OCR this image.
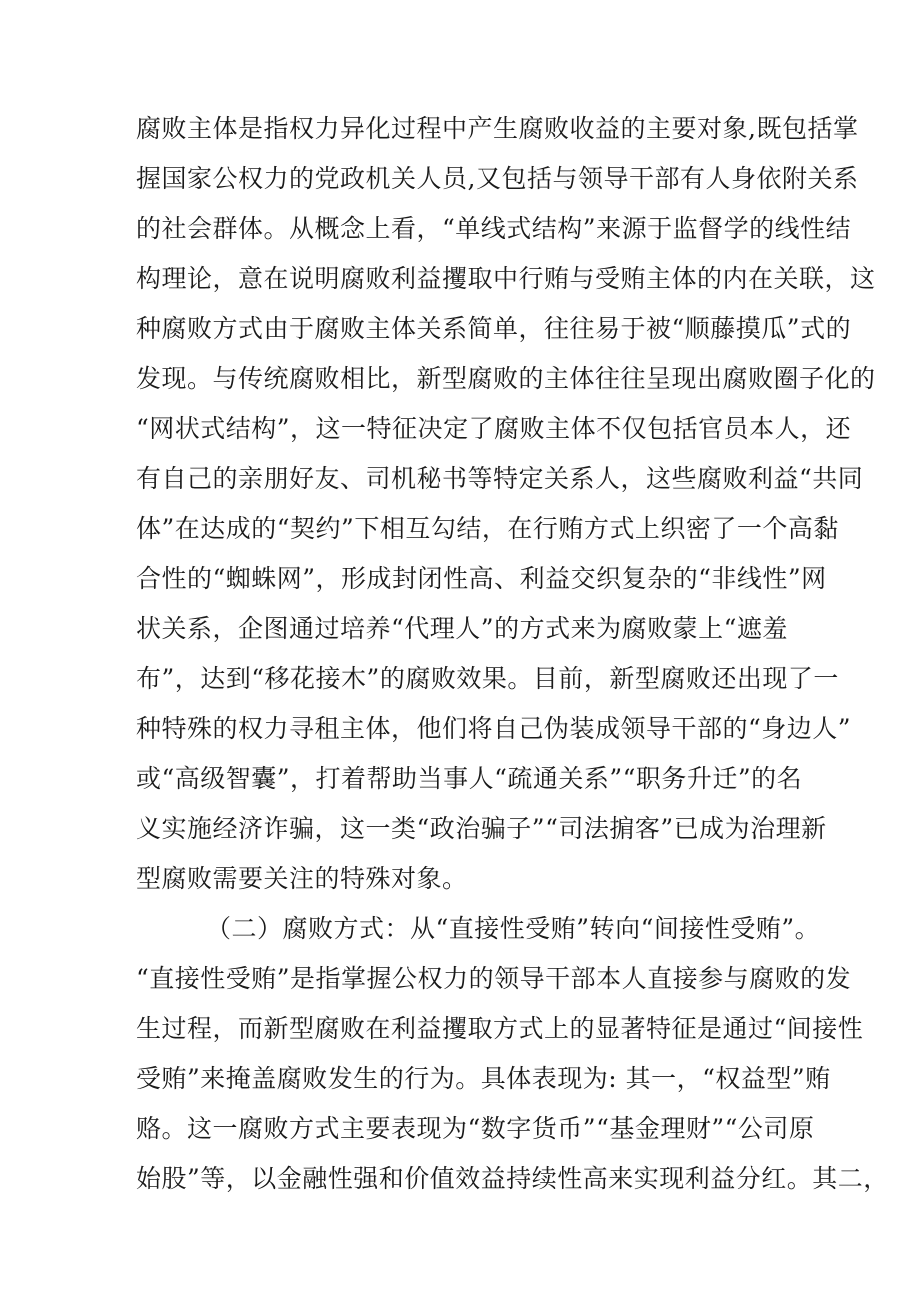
腐败主体是指权力异化过程中产生腐败收益的主要对象,既包括掌
握国家公权力的党政机关人员,又包括与领导干部有人身依附关系
的社会群体。从概念上看，“单线式结构”来源于监督学的线性结
构理论，意在说明腐败利益攫取中行贿与受贿主体的内在关联，这
种腐败方式由于腐败主体关系简单，往往易于被“顺藤摸瓜”式的
发现。与传统腐败相比，新型腐败的主体往往呈现出腐败圈子化的
“网状式结构”，这一特征决定了腐败主体不仅包括官员本人，还
有自己的亲朋好友、司机秘书等特定关系人，这些腐败利益“共同
体”在达成的“契约”下相互勾结，在行贿方式上织密了一个高黏
合性的“蜘蛛网”，形成封闭性高、利益交织复杂的“非线性”网
状关系，企图通过培养“代理人”的方式来为腐败蒙上“遮羞
布”，达到“移花接木”的腐败效果。目前，新型腐败还出现了一
种特殊的权力寻租主体，他们将自己伪装成领导干部的“身边人”
或“高级智囊”，打着帮助当事人“疏通关系”“职务升迁”的名
义实施经济诈骗，这一类“政治骗子”“司法掮客”已成为治理新
型腐败需要关注的特殊对象。
（二）腐败方式：从“直接性受贿”转向“间接性受贿”。
“直接性受贿”是指掌握公权力的领导干部本人直接参与腐败的发
生过程，而新型腐败在利益攫取方式上的显著特征是通过“间接性
受贿”来掩盖腐败发生的行为。具体表现为: 其一，“权益型”贿
赂。这一腐败方式主要表现为“数字货币”“基金理财”“公司原
始股”等，以金融性强和价值效益持续性高来实现利益分红。其二，
